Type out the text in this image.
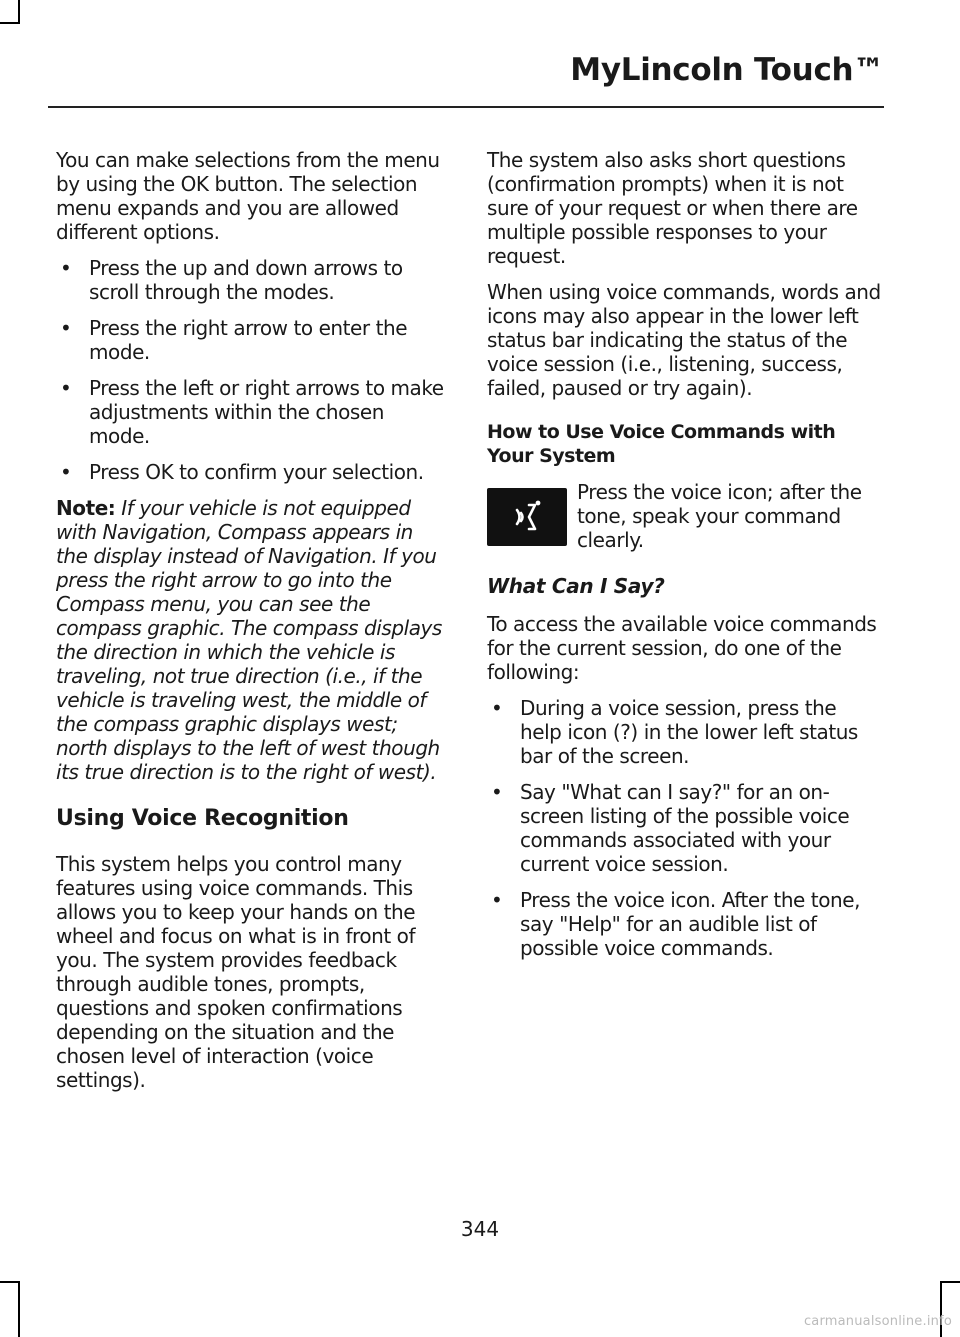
MyLincoln Touch™

You can make selections from the menu by using the OK button. The selection menu expands and you are allowed different options.

• Press the up and down arrows to scroll through the modes.
• Press the right arrow to enter the mode.
• Press the left or right arrows to make adjustments within the chosen mode.
• Press OK to confirm your selection.

Note: If your vehicle is not equipped with Navigation, Compass appears in the display instead of Navigation. If you press the right arrow to go into the Compass menu, you can see the compass graphic. The compass displays the direction in which the vehicle is traveling, not true direction (i.e., if the vehicle is traveling west, the middle of the compass graphic displays west; north displays to the left of west though its true direction is to the right of west).

Using Voice Recognition

This system helps you control many features using voice commands. This allows you to keep your hands on the wheel and focus on what is in front of you. The system provides feedback through audible tones, prompts, questions and spoken confirmations depending on the situation and the chosen level of interaction (voice settings).

The system also asks short questions (confirmation prompts) when it is not sure of your request or when there are multiple possible responses to your request.

When using voice commands, words and icons may also appear in the lower left status bar indicating the status of the voice session (i.e., listening, success, failed, paused or try again).

How to Use Voice Commands with Your System

Press the voice icon; after the tone, speak your command clearly.

What Can I Say?

To access the available voice commands for the current session, do one of the following:

• During a voice session, press the help icon (?) in the lower left status bar of the screen.
• Say "What can I say?" for an on-screen listing of the possible voice commands associated with your current voice session.
• Press the voice icon. After the tone, say "Help" for an audible list of possible voice commands.
344
carmanualsonline.info
